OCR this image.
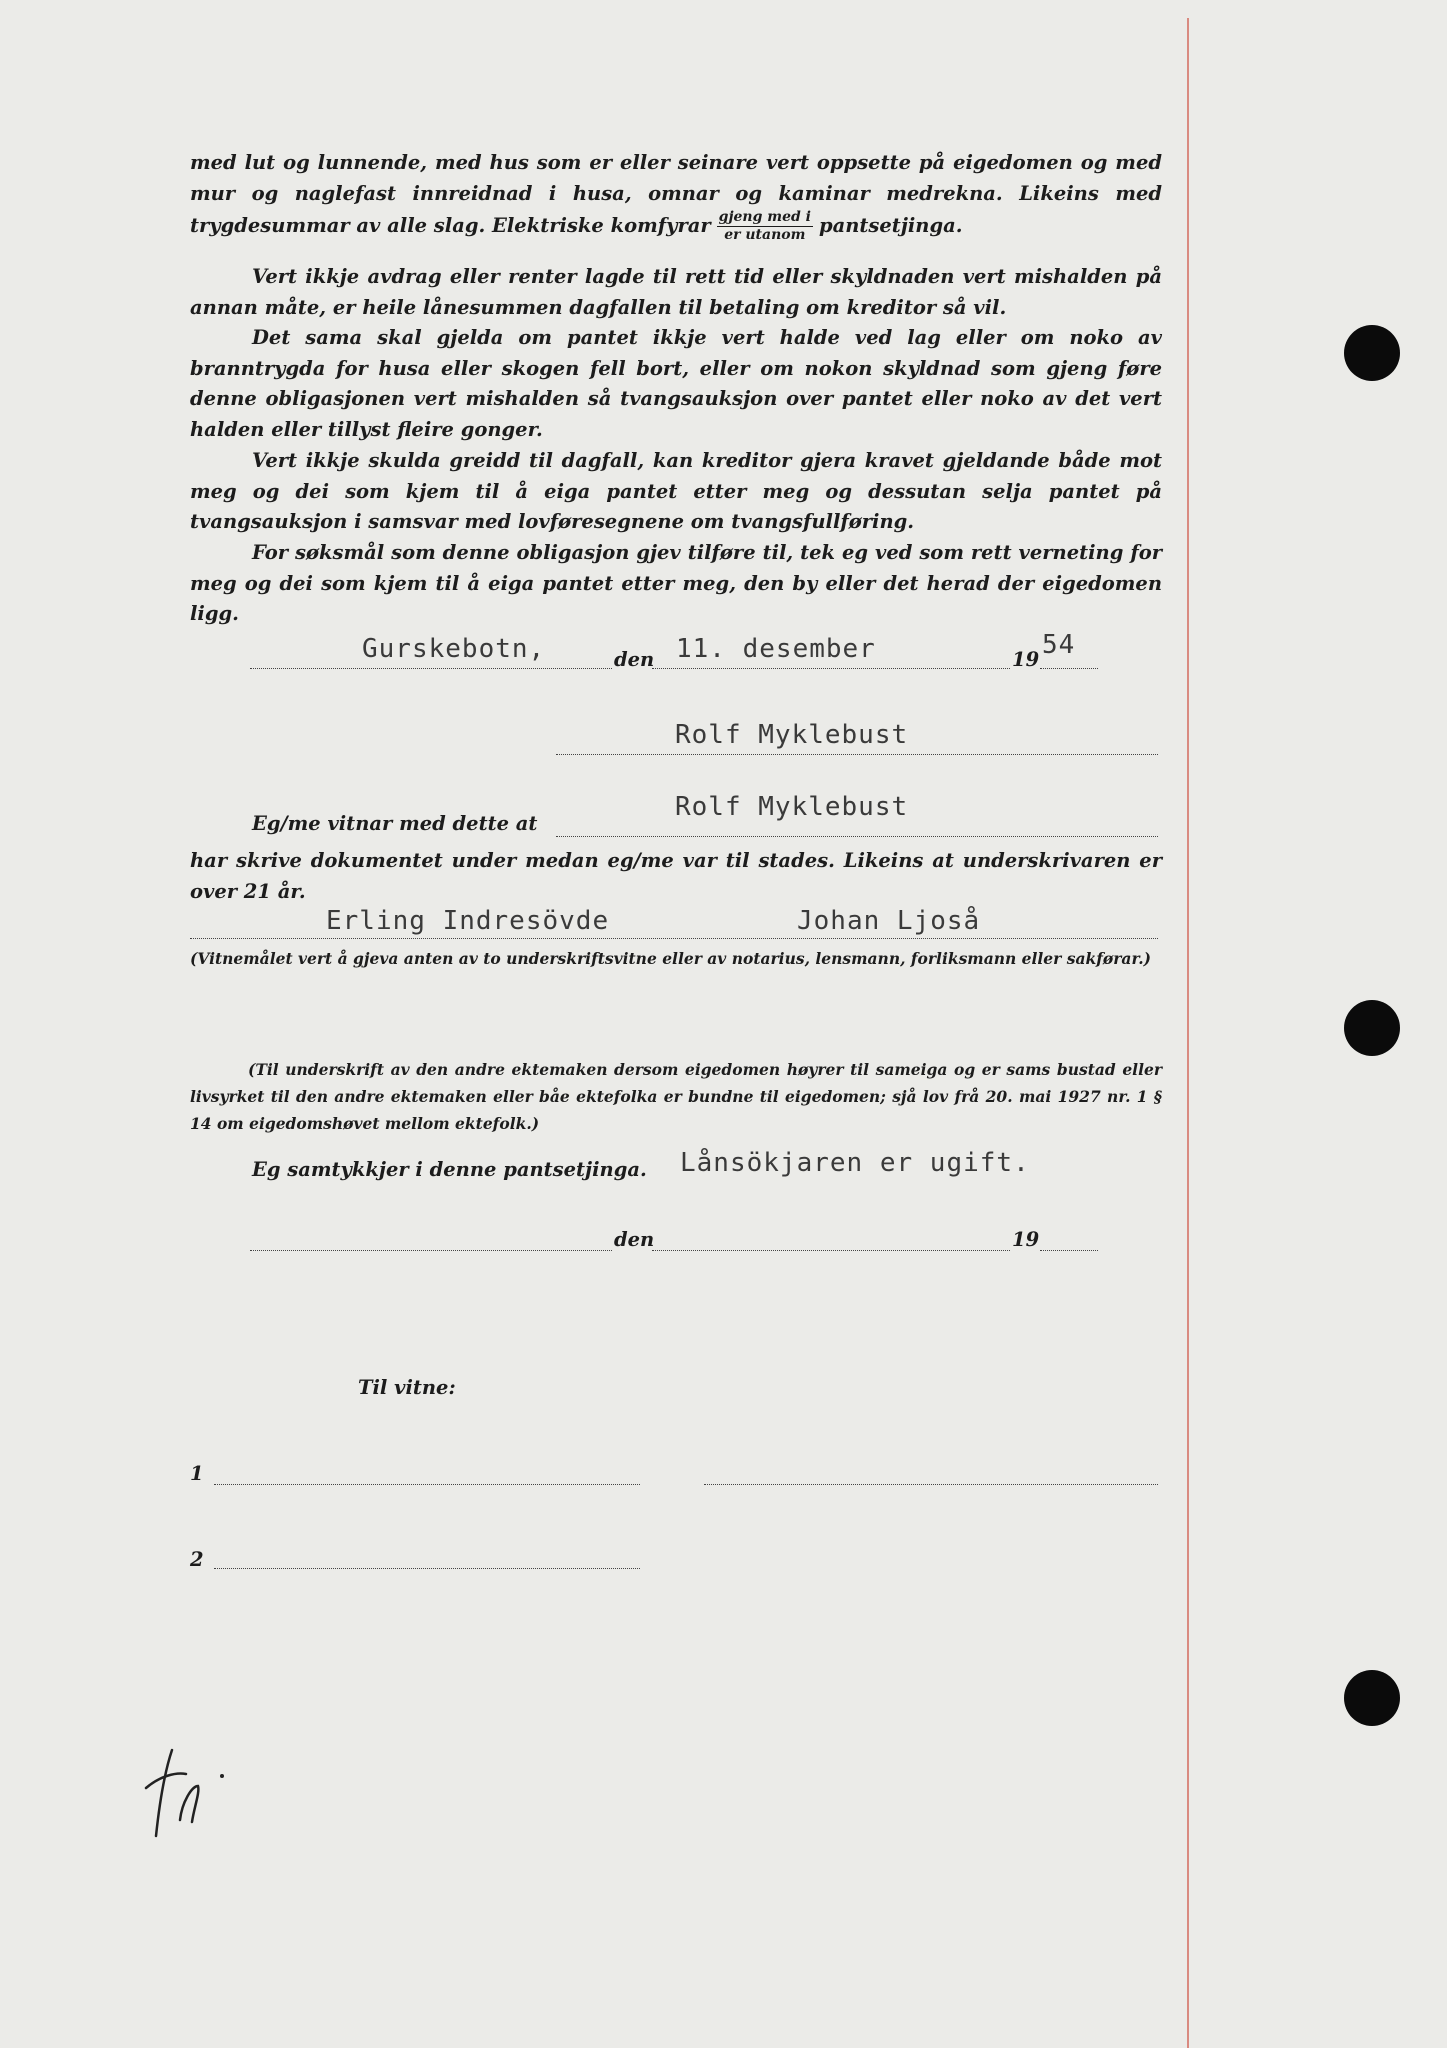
med lut og lunnende, med hus som er eller seinare vert oppsette på eigedomen og med mur og naglefast innreidnad i husa, omnar og kaminar medrekna. Likeins med trygdesummar av alle slag. Elektriske komfyrar $\frac{\text{gjeng med i}}{\text{er utanom}}$ pantsetjinga.

Vert ikkje avdrag eller renter lagde til rett tid eller skyldnaden vert mishalden på annan måte, er heile lånesummen dagfallen til betaling om kreditor så vil.

Det sama skal gjelda om pantet ikkje vert halde ved lag eller om noko av branntrygda for husa eller skogen fell bort, eller om nokon skyldnad som gjeng føre denne obligasjonen vert mishalden så tvangsauksjon over pantet eller noko av det vert halden eller tillyst fleire gonger.

Vert ikkje skulda greidd til dagfall, kan kreditor gjera kravet gjeldande både mot meg og dei som kjem til å eiga pantet etter meg og dessutan selja pantet på tvangsauksjon i samsvar med lovføresegnene om tvangsfullføring.

For søksmål som denne obligasjon gjev tilføre til, tek eg ved som rett verneting for meg og dei som kjem til å eiga pantet etter meg, den by eller det herad der eigedomen ligg.

Gurskebotn,	den 11. desember	19 54
Rolf Myklebust
Eg/me vitnar med dette at
Rolf Myklebust

har skrive dokumentet under medan eg/me var til stades. Likeins at underskrivaren er over 21 år.

Erling Indresövde	Johan Ljoså

(Vitnemålet vert å gjeva anten av to underskriftsvitne eller av notarius, lensmann, forliksmann eller sakførar.)

(Til underskrift av den andre ektemaken dersom eigedomen høyrer til sameiga og er sams bustad eller livsyrket til den andre ektemaken eller båe ektefolka er bundne til eigedomen; sjå lov frå 20. mai 1927 nr. 1 § 14 om eigedomshøvet mellom ektefolk.)

Eg samtykkjer i denne pantsetjinga. Lånsökjaren er ugift.
den	19
Til vitne:
1
2
